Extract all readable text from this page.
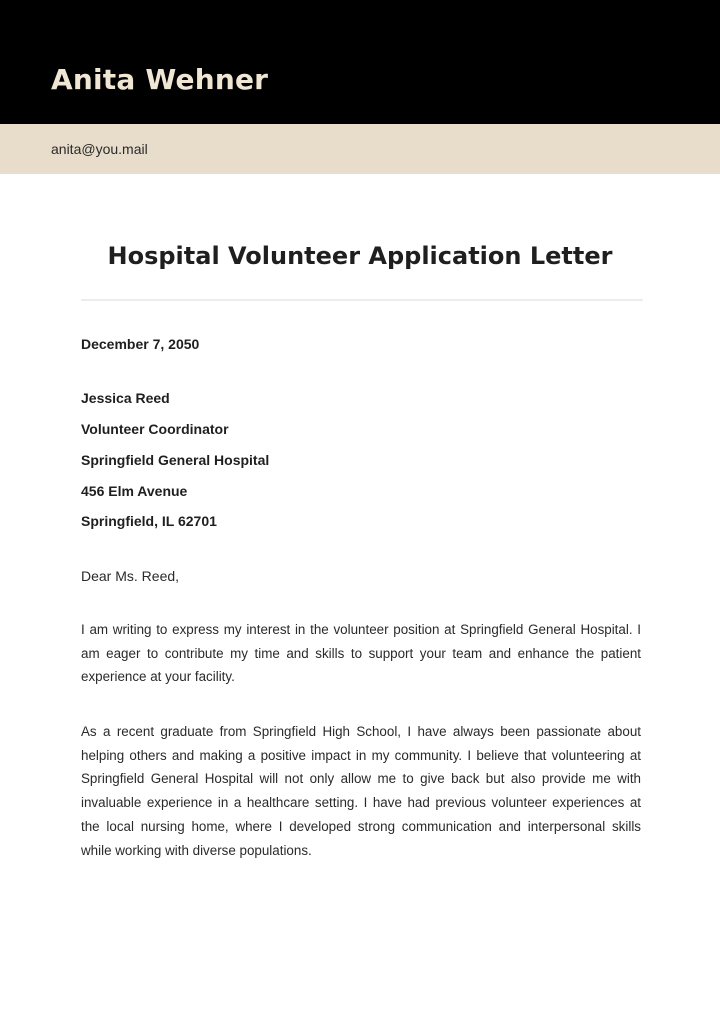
Anita Wehner
anita@you.mail
Hospital Volunteer Application Letter
December 7, 2050
Jessica Reed
Volunteer Coordinator
Springfield General Hospital
456 Elm Avenue
Springfield, IL 62701
Dear Ms. Reed,

I am writing to express my interest in the volunteer position at Springfield General Hospital. I am eager to contribute my time and skills to support your team and enhance the patient experience at your facility.

As a recent graduate from Springfield High School, I have always been passionate about helping others and making a positive impact in my community. I believe that volunteering at Springfield General Hospital will not only allow me to give back but also provide me with invaluable experience in a healthcare setting. I have had previous volunteer experiences at the local nursing home, where I developed strong communication and interpersonal skills while working with diverse populations.
